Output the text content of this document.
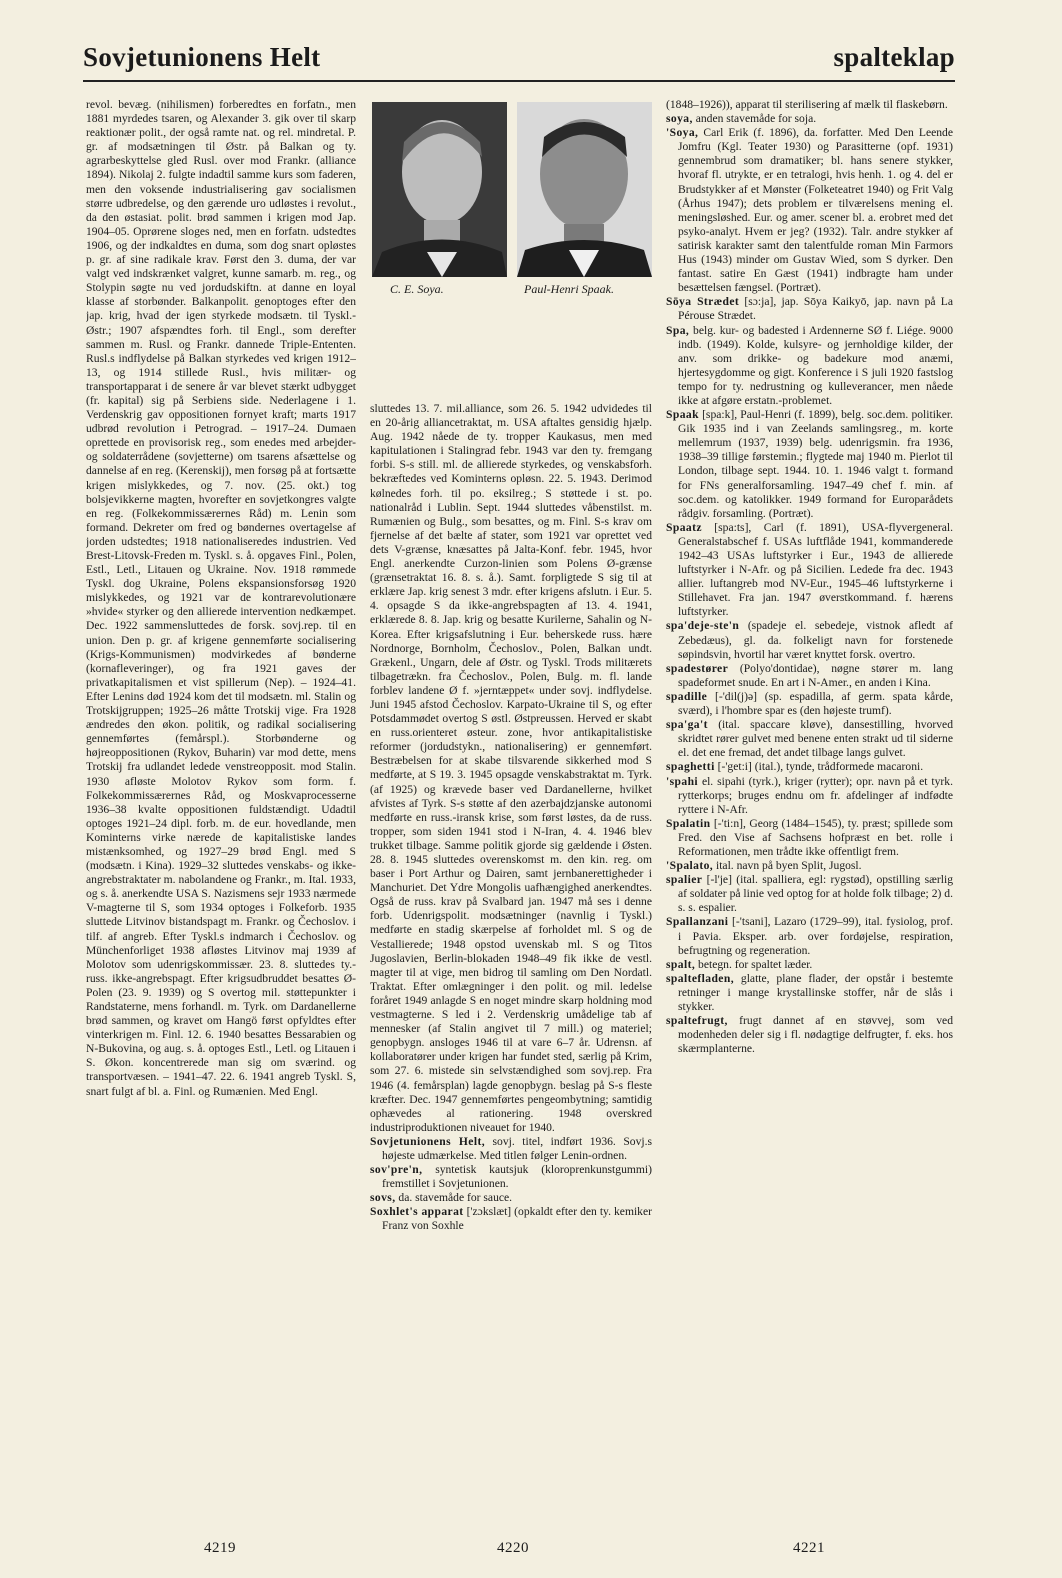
Sovjetunionens Helt	spalteklap

revol. bevæg. (nihilismen) forberedtes en forfatn., men 1881 myrdedes tsaren, og Alexander 3. gik over til skarp reaktionær polit., der også ramte nat. og rel. mindretal. P. gr. af modsætningen til Østr. på Balkan og ty. agrarbeskyttelse gled Rusl. over mod Frankr. (alliance 1894). Nikolaj 2. fulgte indadtil samme kurs som faderen, men den voksende industrialisering gav socialismen større udbredelse, og den gærende uro udløstes i revolut., da den østasiat. polit. brød sammen i krigen mod Jap. 1904–05. Oprørene sloges ned, men en forfatn. udstedtes 1906, og der indkaldtes en duma, som dog snart opløstes p. gr. af sine radikale krav. Først den 3. duma, der var valgt ved indskrænket valgret, kunne samarb. m. reg., og Stolypin søgte nu ved jordudskiftn. at danne en loyal klasse af storbønder. Balkanpolit. genoptoges efter den jap. krig, hvad der igen styrkede modsætn. til Tyskl.-Østr.; 1907 afspændtes forh. til Engl., som derefter sammen m. Rusl. og Frankr. dannede Triple-Ententen. Rusl.s indflydelse på Balkan styrkedes ved krigen 1912–13, og 1914 stillede Rusl., hvis militær- og transportapparat i de senere år var blevet stærkt udbygget (fr. kapital) sig på Serbiens side. Nederlagene i 1. Verdenskrig gav oppositionen fornyet kraft; marts 1917 udbrød revolution i Petrograd. – 1917–24. Dumaen oprettede en provisorisk reg., som enedes med arbejder- og soldaterrådene (sovjetterne) om tsarens afsættelse og dannelse af en reg. (Kerenskij), men forsøg på at fortsætte krigen mislykkedes, og 7. nov. (25. okt.) tog bolsjevikkerne magten, hvorefter en sovjetkongres valgte en reg. (Folkekommissærernes Råd) m. Lenin som formand. Dekreter om fred og bøndernes overtagelse af jorden udstedtes; 1918 nationaliseredes industrien. Ved Brest-Litovsk-Freden m. Tyskl. s. å. opgaves Finl., Polen, Estl., Letl., Litauen og Ukraine. Nov. 1918 rømmede Tyskl. dog Ukraine, Polens ekspansionsforsøg 1920 mislykkedes, og 1921 var de kontrarevolutionære »hvide« styrker og den allierede intervention nedkæmpet. Dec. 1922 sammensluttedes de forsk. sovj.rep. til en union. Den p. gr. af krigene gennemførte socialisering (Krigs-Kommunismen) modvirkedes af bønderne (kornafleveringer), og fra 1921 gaves der privatkapitalismen et vist spillerum (Nep). – 1924–41. Efter Lenins død 1924 kom det til modsætn. ml. Stalin og Trotskijgruppen; 1925–26 måtte Trotskij vige. Fra 1928 ændredes den økon. politik, og radikal socialisering gennemførtes (femårspl.). Storbønderne og højreoppositionen (Rykov, Buharin) var mod dette, mens Trotskij fra udlandet ledede venstreopposit. mod Stalin. 1930 afløste Molotov Rykov som form. f. Folkekommissærernes Råd, og Moskvaprocesserne 1936–38 kvalte oppositionen fuldstændigt. Udadtil optoges 1921–24 dipl. forb. m. de eur. hovedlande, men Kominterns virke nærede de kapitalistiske landes mistænksomhed, og 1927–29 brød Engl. med S (modsætn. i Kina). 1929–32 sluttedes venskabs- og ikke-angrebstraktater m. nabolandene og Frankr., m. Ital. 1933, og s. å. anerkendte USA S. Nazismens sejr 1933 nærmede V-magterne til S, som 1934 optoges i Folkeforb. 1935 sluttede Litvinov bistandspagt m. Frankr. og Čechoslov. i tilf. af angreb. Efter Tyskl.s indmarch i Čechoslov. og Münchenforliget 1938 afløstes Litvinov maj 1939 af Molotov som udenrigskommissær. 23. 8. sluttedes ty.-russ. ikke-angrebspagt. Efter krigsudbruddet besattes Ø-Polen (23. 9. 1939) og S overtog mil. støttepunkter i Randstaterne, mens forhandl. m. Tyrk. om Dardanellerne brød sammen, og kravet om Hangö først opfyldtes efter vinterkrigen m. Finl. 12. 6. 1940 besattes Bessarabien og N-Bukovina, og aug. s. å. optoges Estl., Letl. og Litauen i S. Økon. koncentrerede man sig om sværind. og transportvæsen. – 1941–47. 22. 6. 1941 angreb Tyskl. S, snart fulgt af bl. a. Finl. og Rumænien. Med Engl.

C. E. Soya.	Paul-Henri Spaak.

sluttedes 13. 7. mil.alliance, som 26. 5. 1942 udvidedes til en 20-årig alliancetraktat, m. USA aftaltes gensidig hjælp. Aug. 1942 nåede de ty. tropper Kaukasus, men med kapitulationen i Stalingrad febr. 1943 var den ty. fremgang forbi. S-s still. ml. de allierede styrkedes, og venskabsforh. bekræftedes ved Kominterns opløsn. 22. 5. 1943. Derimod kølnedes forh. til po. eksilreg.; S støttede i st. po. nationalråd i Lublin. Sept. 1944 sluttedes våbenstilst. m. Rumænien og Bulg., som besattes, og m. Finl. S-s krav om fjernelse af det bælte af stater, som 1921 var oprettet ved dets V-grænse, knæsattes på Jalta-Konf. febr. 1945, hvor Engl. anerkendte Curzon-linien som Polens Ø-grænse (grænsetraktat 16. 8. s. å.). Samt. forpligtede S sig til at erklære Jap. krig senest 3 mdr. efter krigens afslutn. i Eur. 5. 4. opsagde S da ikke-angrebspagten af 13. 4. 1941, erklærede 8. 8. Jap. krig og besatte Kurilerne, Sahalin og N-Korea. Efter krigsafslutning i Eur. beherskede russ. hære Nordnorge, Bornholm, Čechoslov., Polen, Balkan undt. Grækenl., Ungarn, dele af Østr. og Tyskl. Trods militærets tilbagetrækn. fra Čechoslov., Polen, Bulg. m. fl. lande forblev landene Ø f. »jerntæppet« under sovj. indflydelse. Juni 1945 afstod Čechoslov. Karpato-Ukraine til S, og efter Potsdammødet overtog S østl. Østpreussen. Herved er skabt en russ.orienteret østeur. zone, hvor antikapitalistiske reformer (jordudstykn., nationalisering) er gennemført. Bestræbelsen for at skabe tilsvarende sikkerhed mod S medførte, at S 19. 3. 1945 opsagde venskabstraktat m. Tyrk. (af 1925) og krævede baser ved Dardanellerne, hvilket afvistes af Tyrk. S-s støtte af den azerbajdzjanske autonomi medførte en russ.-iransk krise, som først løstes, da de russ. tropper, som siden 1941 stod i N-Iran, 4. 4. 1946 blev trukket tilbage. Samme politik gjorde sig gældende i Østen. 28. 8. 1945 sluttedes overenskomst m. den kin. reg. om baser i Port Arthur og Dairen, samt jernbanerettigheder i Manchuriet. Det Ydre Mongolis uafhængighed anerkendtes. Også de russ. krav på Svalbard jan. 1947 må ses i denne forb. Udenrigspolit. modsætninger (navnlig i Tyskl.) medførte en stadig skærpelse af forholdet ml. S og de Vestallierede; 1948 opstod uvenskab ml. S og Titos Jugoslavien, Berlin-blokaden 1948–49 fik ikke de vestl. magter til at vige, men bidrog til samling om Den Nordatl. Traktat. Efter omlægninger i den polit. og mil. ledelse foråret 1949 anlagde S en noget mindre skarp holdning mod vestmagterne. S led i 2. Verdenskrig umådelige tab af mennesker (af Stalin angivet til 7 mill.) og materiel; genopbygn. ansloges 1946 til at vare 6–7 år. Udrensn. af kollaboratører under krigen har fundet sted, særlig på Krim, som 27. 6. mistede sin selvstændighed som sovj.rep. Fra 1946 (4. femårsplan) lagde genopbygn. beslag på S-s fleste kræfter. Dec. 1947 gennemførtes pengeombytning; samtidig ophævedes al rationering. 1948 overskred industriproduktionen niveauet for 1940.

Sovjetunionens Helt, sovj. titel, indført 1936. Sovj.s højeste udmærkelse. Med titlen følger Lenin-ordnen.

sov'pre'n, syntetisk kautsjuk (kloroprenkunstgummi) fremstillet i Sovjetunionen.

sovs, da. stavemåde for sauce.

Soxhlet's apparat ['zɔkslæt] (opkaldt efter den ty. kemiker Franz von Soxhle

(1848–1926)), apparat til sterilisering af mælk til flaskebørn.

soya, anden stavemåde for soja.

'Soya, Carl Erik (f. 1896), da. forfatter. Med Den Leende Jomfru (Kgl. Teater 1930) og Parasitterne (opf. 1931) gennembrud som dramatiker; bl. hans senere stykker, hvoraf fl. utrykte, er en tetralogi, hvis henh. 1. og 4. del er Brudstykker af et Mønster (Folketeatret 1940) og Frit Valg (Århus 1947); dets problem er tilværelsens mening el. meningsløshed. Eur. og amer. scener bl. a. erobret med det psyko-analyt. Hvem er jeg? (1932). Talr. andre stykker af satirisk karakter samt den talentfulde roman Min Farmors Hus (1943) minder om Gustav Wied, som S dyrker. Den fantast. satire En Gæst (1941) indbragte ham under besættelsen fængsel. (Portræt).

Sōya Strædet [sɔ:ja], jap. Sōya Kaikyō, jap. navn på La Pérouse Strædet.

Spa, belg. kur- og badested i Ardennerne SØ f. Liége. 9000 indb. (1949). Kolde, kulsyre- og jernholdige kilder, der anv. som drikke- og badekure mod anæmi, hjertesygdomme og gigt. Konference i S juli 1920 fastslog tempo for ty. nedrustning og kulleverancer, men nåede ikke at afgøre erstatn.-problemet.

Spaak [spa:k], Paul-Henri (f. 1899), belg. soc.dem. politiker. Gik 1935 ind i van Zeelands samlingsreg., m. korte mellemrum (1937, 1939) belg. udenrigsmin. fra 1936, 1938–39 tillige førstemin.; flygtede maj 1940 m. Pierlot til London, tilbage sept. 1944. 10. 1. 1946 valgt t. formand for FNs generalforsamling. 1947–49 chef f. min. af soc.dem. og katolikker. 1949 formand for Europarådets rådgiv. forsamling. (Portræt).

Spaatz [spa:ts], Carl (f. 1891), USA-flyvergeneral. Generalstabschef f. USAs luftflåde 1941, kommanderede 1942–43 USAs luftstyrker i Eur., 1943 de allierede luftstyrker i N-Afr. og på Sicilien. Ledede fra dec. 1943 allier. luftangreb mod NV-Eur., 1945–46 luftstyrkerne i Stillehavet. Fra jan. 1947 øverstkommand. f. hærens luftstyrker.

spa'deje-ste'n (spadeje el. sebedeje, vistnok afledt af Zebedæus), gl. da. folkeligt navn for forstenede søpindsvin, hvortil har været knyttet forsk. overtro.

spadestører (Polyo'dontidae), nøgne stører m. lang spadeformet snude. En art i N-Amer., en anden i Kina.

spadille [-'dil(j)ə] (sp. espadilla, af germ. spata kårde, sværd), i l'hombre spar es (den højeste trumf).

spa'ga't (ital. spaccare kløve), dansestilling, hvorved skridtet rører gulvet med benene enten strakt ud til siderne el. det ene fremad, det andet tilbage langs gulvet.

spaghetti [-'get:i] (ital.), tynde, trådformede macaroni.

'spahi el. sipahi (tyrk.), kriger (rytter); opr. navn på et tyrk. rytterkorps; bruges endnu om fr. afdelinger af indfødte ryttere i N-Afr.

Spalatin [-'ti:n], Georg (1484–1545), ty. præst; spillede som Fred. den Vise af Sachsens hofpræst en bet. rolle i Reformationen, men trådte ikke offentligt frem.

'Spalato, ital. navn på byen Split, Jugosl.

spalier [-l'je] (ital. spalliera, egl: rygstød), opstilling særlig af soldater på linie ved optog for at holde folk tilbage; 2) d. s. s. espalier.

Spallanzani [-'tsani], Lazaro (1729–99), ital. fysiolog, prof. i Pavia. Eksper. arb. over fordøjelse, respiration, befrugtning og regeneration.

spalt, betegn. for spaltet læder.

spaltefladen, glatte, plane flader, der opstår i bestemte retninger i mange krystallinske stoffer, når de slås i stykker.

spaltefrugt, frugt dannet af en støvvej, som ved modenheden deler sig i fl. nødagtige delfrugter, f. eks. hos skærmplanterne.

4219	4220	4221
